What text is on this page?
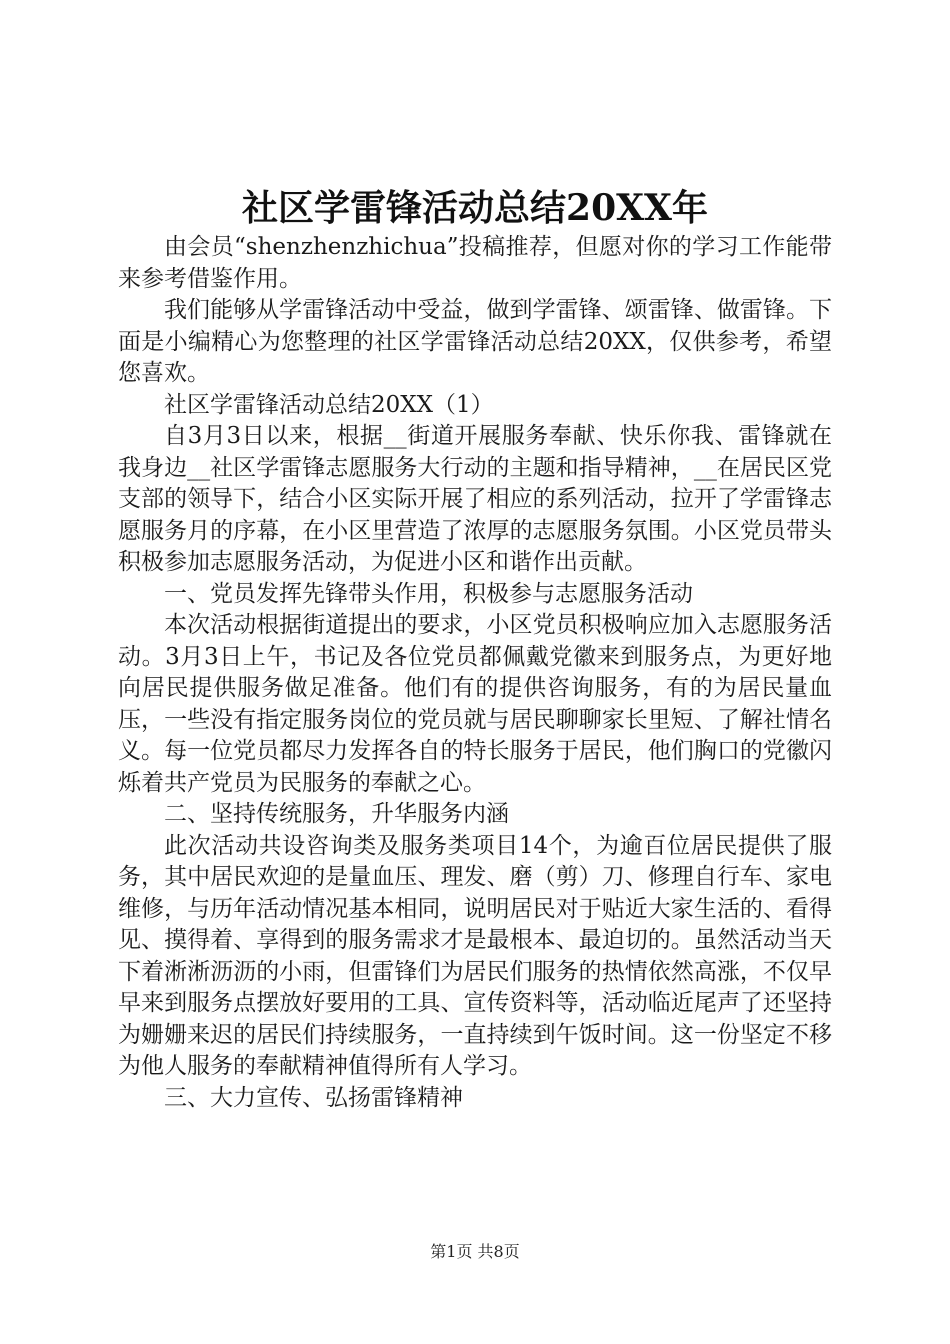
社区学雷锋活动总结20XX年

由会员“shenzhenzhichua”投稿推荐，但愿对你的学习工作能带来参考借鉴作用。

我们能够从学雷锋活动中受益，做到学雷锋、颂雷锋、做雷锋。下面是小编精心为您整理的社区学雷锋活动总结20XX，仅供参考，希望您喜欢。

社区学雷锋活动总结20XX（1）

自3月3日以来，根据__街道开展服务奉献、快乐你我、雷锋就在我身边__社区学雷锋志愿服务大行动的主题和指导精神，__在居民区党支部的领导下，结合小区实际开展了相应的系列活动，拉开了学雷锋志愿服务月的序幕，在小区里营造了浓厚的志愿服务氛围。小区党员带头积极参加志愿服务活动，为促进小区和谐作出贡献。

一、党员发挥先锋带头作用，积极参与志愿服务活动

本次活动根据街道提出的要求，小区党员积极响应加入志愿服务活动。3月3日上午，书记及各位党员都佩戴党徽来到服务点，为更好地向居民提供服务做足准备。他们有的提供咨询服务，有的为居民量血压，一些没有指定服务岗位的党员就与居民聊聊家长里短、了解社情名义。每一位党员都尽力发挥各自的特长服务于居民，他们胸口的党徽闪烁着共产党员为民服务的奉献之心。

二、坚持传统服务，升华服务内涵

此次活动共设咨询类及服务类项目14个，为逾百位居民提供了服务，其中居民欢迎的是量血压、理发、磨（剪）刀、修理自行车、家电维修，与历年活动情况基本相同，说明居民对于贴近大家生活的、看得见、摸得着、享得到的服务需求才是最根本、最迫切的。虽然活动当天下着淅淅沥沥的小雨，但雷锋们为居民们服务的热情依然高涨，不仅早早来到服务点摆放好要用的工具、宣传资料等，活动临近尾声了还坚持为姗姗来迟的居民们持续服务，一直持续到午饭时间。这一份坚定不移为他人服务的奉献精神值得所有人学习。

三、大力宣传、弘扬雷锋精神

第1页 共8页
